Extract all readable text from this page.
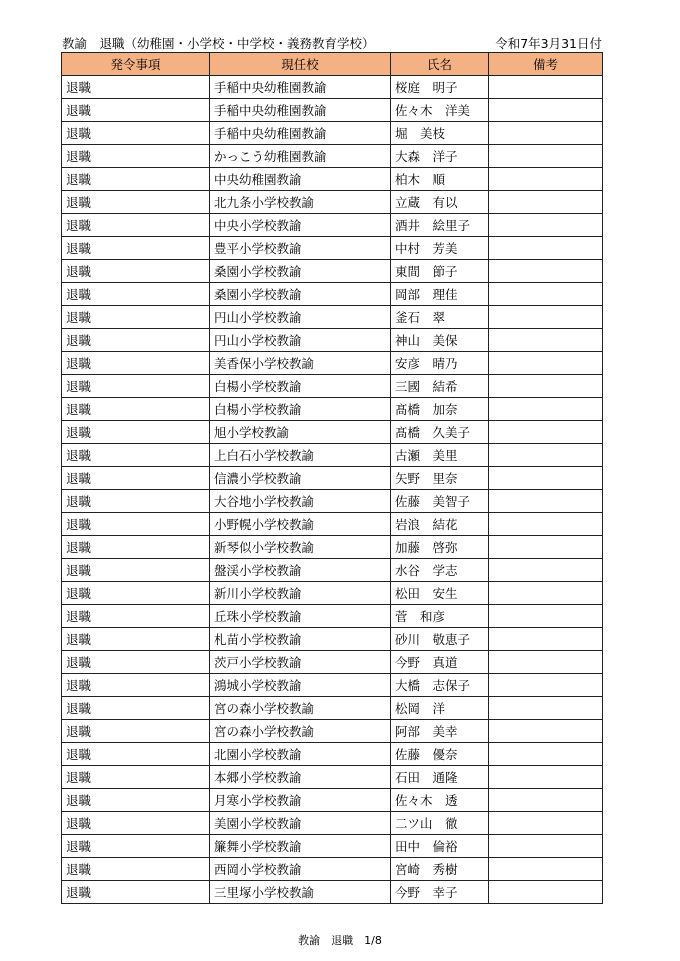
教諭　退職（幼稚園・小学校・中学校・義務教育学校）	令和7年3月31日付
発令事項	現任校	氏名	備考
退職	手稲中央幼稚園教諭	桜庭　明子	
退職	手稲中央幼稚園教諭	佐々木　洋美	
退職	手稲中央幼稚園教諭	堀　美枝	
退職	かっこう幼稚園教諭	大森　洋子	
退職	中央幼稚園教諭	柏木　順	
退職	北九条小学校教諭	立蔵　有以	
退職	中央小学校教諭	酒井　絵里子	
退職	豊平小学校教諭	中村　芳美	
退職	桑園小学校教諭	東間　節子	
退職	桑園小学校教諭	岡部　理佳	
退職	円山小学校教諭	釜石　翠	
退職	円山小学校教諭	神山　美保	
退職	美香保小学校教諭	安彦　晴乃	
退職	白楊小学校教諭	三國　結希	
退職	白楊小学校教諭	髙橋　加奈	
退職	旭小学校教諭	髙橋　久美子	
退職	上白石小学校教諭	古瀬　美里	
退職	信濃小学校教諭	矢野　里奈	
退職	大谷地小学校教諭	佐藤　美智子	
退職	小野幌小学校教諭	岩浪　結花	
退職	新琴似小学校教諭	加藤　啓弥	
退職	盤渓小学校教諭	水谷　学志	
退職	新川小学校教諭	松田　安生	
退職	丘珠小学校教諭	菅　和彦	
退職	札苗小学校教諭	砂川　敬恵子	
退職	茨戸小学校教諭	今野　真道	
退職	鴻城小学校教諭	大橋　志保子	
退職	宮の森小学校教諭	松岡　洋	
退職	宮の森小学校教諭	阿部　美幸	
退職	北園小学校教諭	佐藤　優奈	
退職	本郷小学校教諭	石田　通隆	
退職	月寒小学校教諭	佐々木　透	
退職	美園小学校教諭	二ツ山　徹	
退職	簾舞小学校教諭	田中　倫裕	
退職	西岡小学校教諭	宮崎　秀樹	
退職	三里塚小学校教諭	今野　幸子	
教諭　退職　1/8
